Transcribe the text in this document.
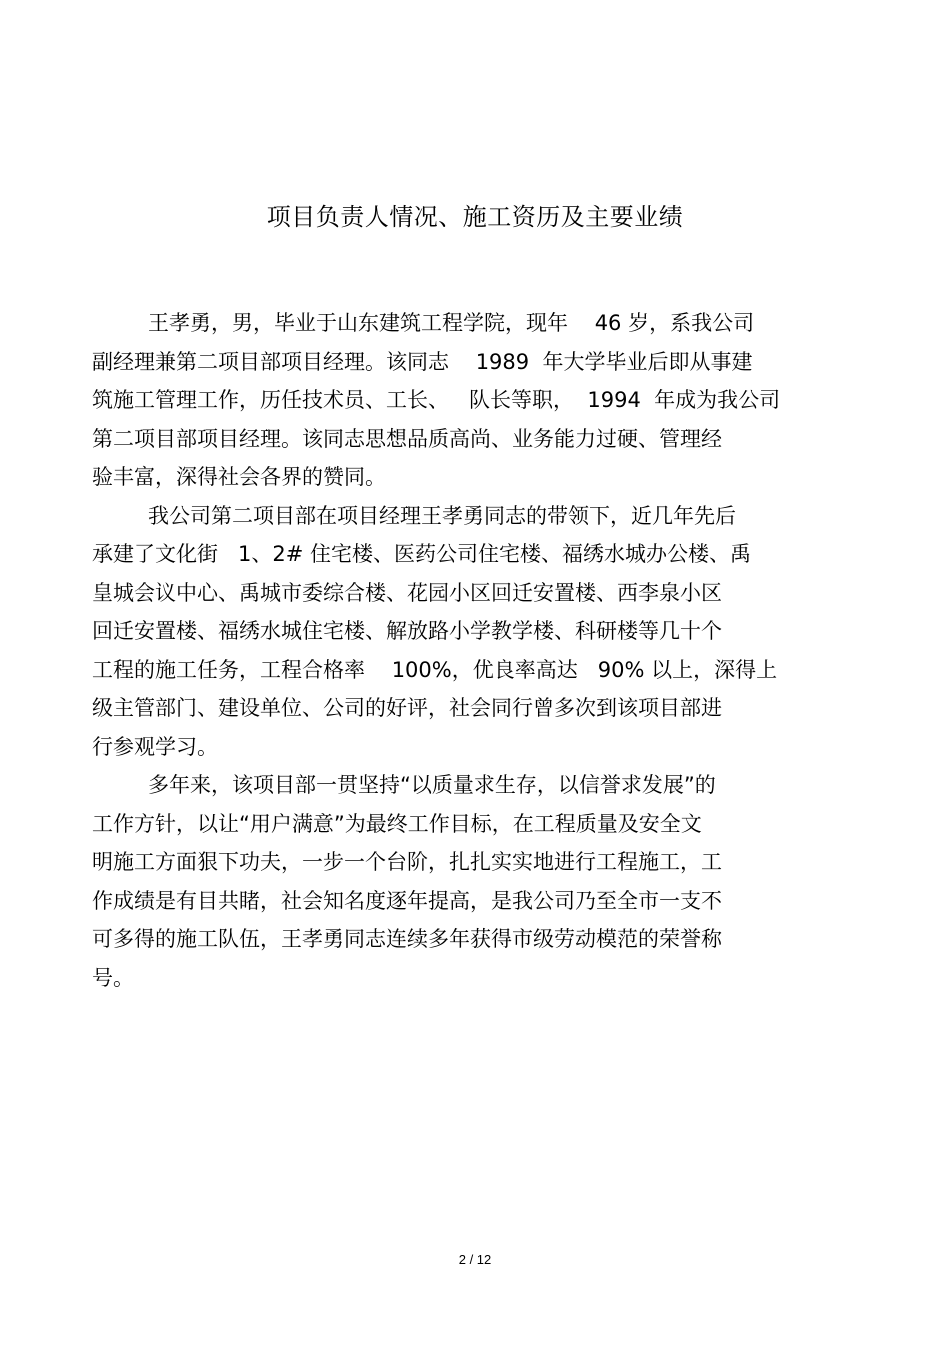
项目负责人情况、施工资历及主要业绩
王孝勇，男，毕业于山东建筑工程学院，现年    46 岁，系我公司
副经理兼第二项目部项目经理。该同志    1989  年大学毕业后即从事建
筑施工管理工作，历任技术员、工长、   队长等职，  1994  年成为我公司
第二项目部项目经理。该同志思想品质高尚、业务能力过硬、管理经
验丰富，深得社会各界的赞同。
我公司第二项目部在项目经理王孝勇同志的带领下，近几年先后
承建了文化街   1、2# 住宅楼、医药公司住宅楼、福绣水城办公楼、禹
皇城会议中心、禹城市委综合楼、花园小区回迁安置楼、西李泉小区
回迁安置楼、福绣水城住宅楼、解放路小学教学楼、科研楼等几十个
工程的施工任务，工程合格率    100%，优良率高达   90% 以上，深得上
级主管部门、建设单位、公司的好评，社会同行曾多次到该项目部进
行参观学习。
多年来，该项目部一贯坚持“以质量求生存，以信誉求发展”的
工作方针，以让“用户满意”为最终工作目标，在工程质量及安全文
明施工方面狠下功夫，一步一个台阶，扎扎实实地进行工程施工，工
作成绩是有目共睹，社会知名度逐年提高，是我公司乃至全市一支不
可多得的施工队伍，王孝勇同志连续多年获得市级劳动模范的荣誉称
号。
2 / 12
